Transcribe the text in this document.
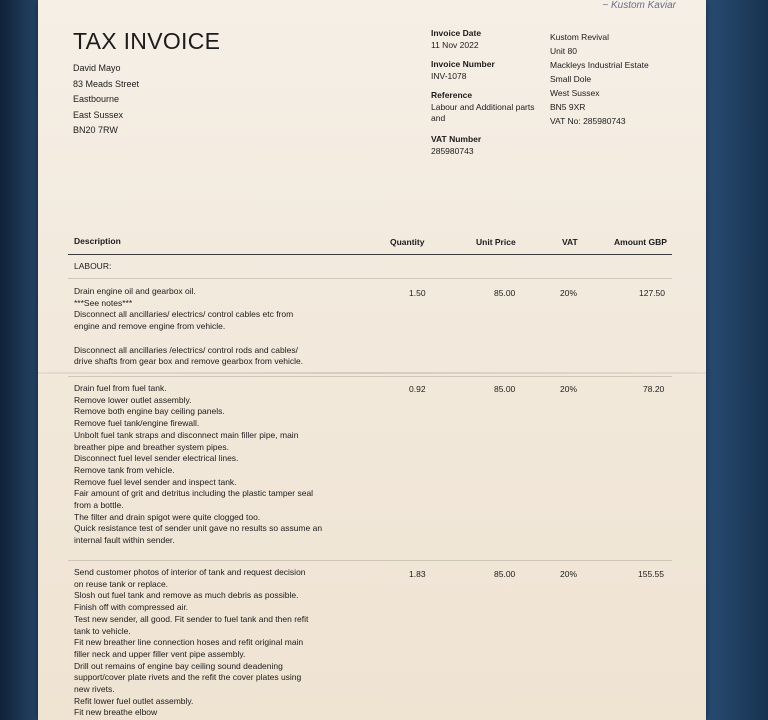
~ Kustom Kaviar
TAX INVOICE
David Mayo
83 Meads Street
Eastbourne
East Sussex
BN20 7RW
Invoice Date
11 Nov 2022
Invoice Number
INV-1078
Reference
Labour and Additional parts
and
VAT Number
285980743
Kustom Revival
Unit 80
Mackleys Industrial Estate
Small Dole
West Sussex
BN5 9XR
VAT No: 285980743
Description	Quantity	Unit Price	VAT	Amount GBP
LABOUR:
Drain engine oil and gearbox oil.
***See notes***
Disconnect all ancillaries/ electrics/ control cables etc from
engine and remove engine from vehicle.
Disconnect all ancillaries /electrics/ control rods and cables/
drive shafts from gear box and remove gearbox from vehicle.
1.50	85.00	20%	127.50
Drain fuel from fuel tank.
Remove lower outlet assembly.
Remove both engine bay ceiling panels.
Remove fuel tank/engine firewall.
Unbolt fuel tank straps and disconnect main filler pipe, main
breather pipe and breather system pipes.
Disconnect fuel level sender electrical lines.
Remove tank from vehicle.
Remove fuel level sender and inspect tank.
Fair amount of grit and detritus including the plastic tamper seal
from a bottle.
The filter and drain spigot were quite clogged too.
Quick resistance test of sender unit gave no results so assume an
internal fault within sender.
0.92	85.00	20%	78.20
Send customer photos of interior of tank and request decision
on reuse tank or replace.
Slosh out fuel tank and remove as much debris as possible.
Finish off with compressed air.
Test new sender, all good. Fit sender to fuel tank and then refit
tank to vehicle.
Fit new breather line connection hoses and refit original main
filler neck and upper filler vent pipe assembly.
Drill out remains of engine bay ceiling sound deadening
support/cover plate rivets and the refit the cover plates using
new rivets.
Refit lower fuel outlet assembly.
Fit new breathe elbow
1.83	85.00	20%	155.55
